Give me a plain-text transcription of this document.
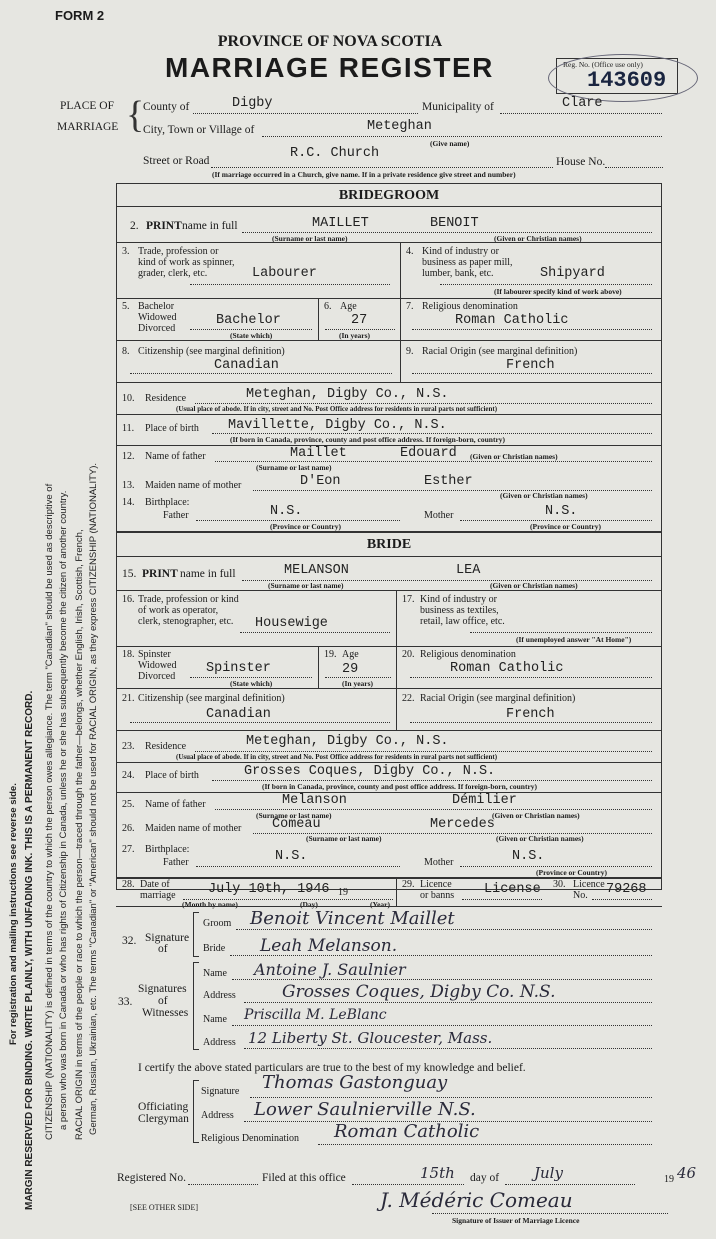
FORM 2
PROVINCE OF NOVA SCOTIA
MARRIAGE REGISTER	Reg. No. (Office use only)
143609
PLACE OF
MARRIAGE {
County of	Digby	Municipality of	Clare
City, Town or Village of	Meteghan
(Give name)
Street or Road	R.C. Church
House No.
(If marriage occurred in a Church, give name. If in a private residence give street and number)
BRIDEGROOM
2. PRINT name in full	MAILLET	BENOIT
(Surname or last name)	(Given or Christian names)
3. Trade, profession or kind of work as spinner, grader, clerk, etc.	Labourer
4. Kind of industry or business as paper mill, lumber, bank, etc.	Shipyard
(If labourer specify kind of work above)
5. Bachelor Widowed Divorced
Bachelor
(State which)
6. Age
27
(In years)
7. Religious denomination
Roman Catholic
8. Citizenship (see marginal definition)
Canadian
9. Racial Origin (see marginal definition)
French
10. Residence	Meteghan, Digby Co., N.S.
(Usual place of abode. If in city, street and No. Post Office address for residents in rural parts not sufficient)
11. Place of birth Mavillette, Digby Co., N.S.
(If born in Canada, province, county and post office address. If foreign-born, country)
12. Name of father	Maillet	Edouard
(Surname or last name)
(Given or Christian names)
13. Maiden name of mother	D'Eon	Esther
(Given or Christian names)
14. Birthplace:
Father	N.S.
(Province or Country)
Mother	N.S.
(Province or Country)
BRIDE
15. PRINT name in full	MELANSON	LEA
(Surname or last name)	(Given or Christian names)
16. Trade, profession or kind of work as operator, clerk, stenographer, etc.	Housewige
17. Kind of industry or business as textiles, retail, law office, etc.
(If unemployed answer "At Home")
18. Spinster Widowed Divorced
Spinster
(State which)
19. Age
29
(In years)
20. Religious denomination
Roman Catholic
21. Citizenship (see marginal definition)
Canadian
22. Racial Origin (see marginal definition)
French
23. Residence	Meteghan, Digby Co., N.S.
(Usual place of abode. If in city, street and No. Post Office address for residents in rural parts not sufficient)
24. Place of birth	Grosses Coques, Digby Co., N.S.
(If born in Canada, province, county and post office address. If foreign-born, country)
25. Name of father	Melanson	Démilier
(Surname or last name)	(Given or Christian names)
26. Maiden name of mother Comeau	Mercedes
(Surname or last name)	(Given or Christian names)
27. Birthplace:
Father	N.S.	Mother	N.S.
(Province or Country)
28. Date of
marriage July 10th, 1946 19
(Month by name)	(Day)	(Year)
29. Licence
or banns License 30. Licence
No. 79268
32. Signature
of
Groom Benoit Vincent Maillet
Bride Leah Melanson.
33.
Signatures
of
Witnesses
Name Antoine J. Saulnier
Address	Grosses Coques, Digby Co. N.S.
Name Priscilla M. LeBlanc
Address 12 Liberty St. Gloucester, Mass.
I certify the above stated particulars are true to the best of my knowledge and belief.
Officiating
Clergyman
Signature Thomas Gastonguay
Address Lower Saulnierville N.S.
Religious Denomination Roman Catholic
Registered No.	Filed at this office	15th day of July	19 46
J. Médéric Comeau
Signature of Issuer of Marriage Licence
[SEE OTHER SIDE]
For registration and mailing instructions see reverse side. MARGIN RESERVED FOR BINDING. WRITE PLAINLY, WITH UNFADING INK. THIS IS A PERMANENT RECORD. CITIZENSHIP (NATIONALITY) is defined in terms of the country to which the person owes allegiance. The term "Canadian" should be used as descriptive of a person who was born in Canada or who has rights of Citizenship in Canada, unless he or she has subsequently become the citizen of another country. RACIAL ORIGIN in terms of the people or race to which the person—traced through the father—belongs, whether English, Irish, Scottish, French, German, Russian, Ukrainian, etc. The terms "Canadian" or "American" should not be used for RACIAL ORIGIN, as they express CITIZENSHIP (NATIONALITY).
